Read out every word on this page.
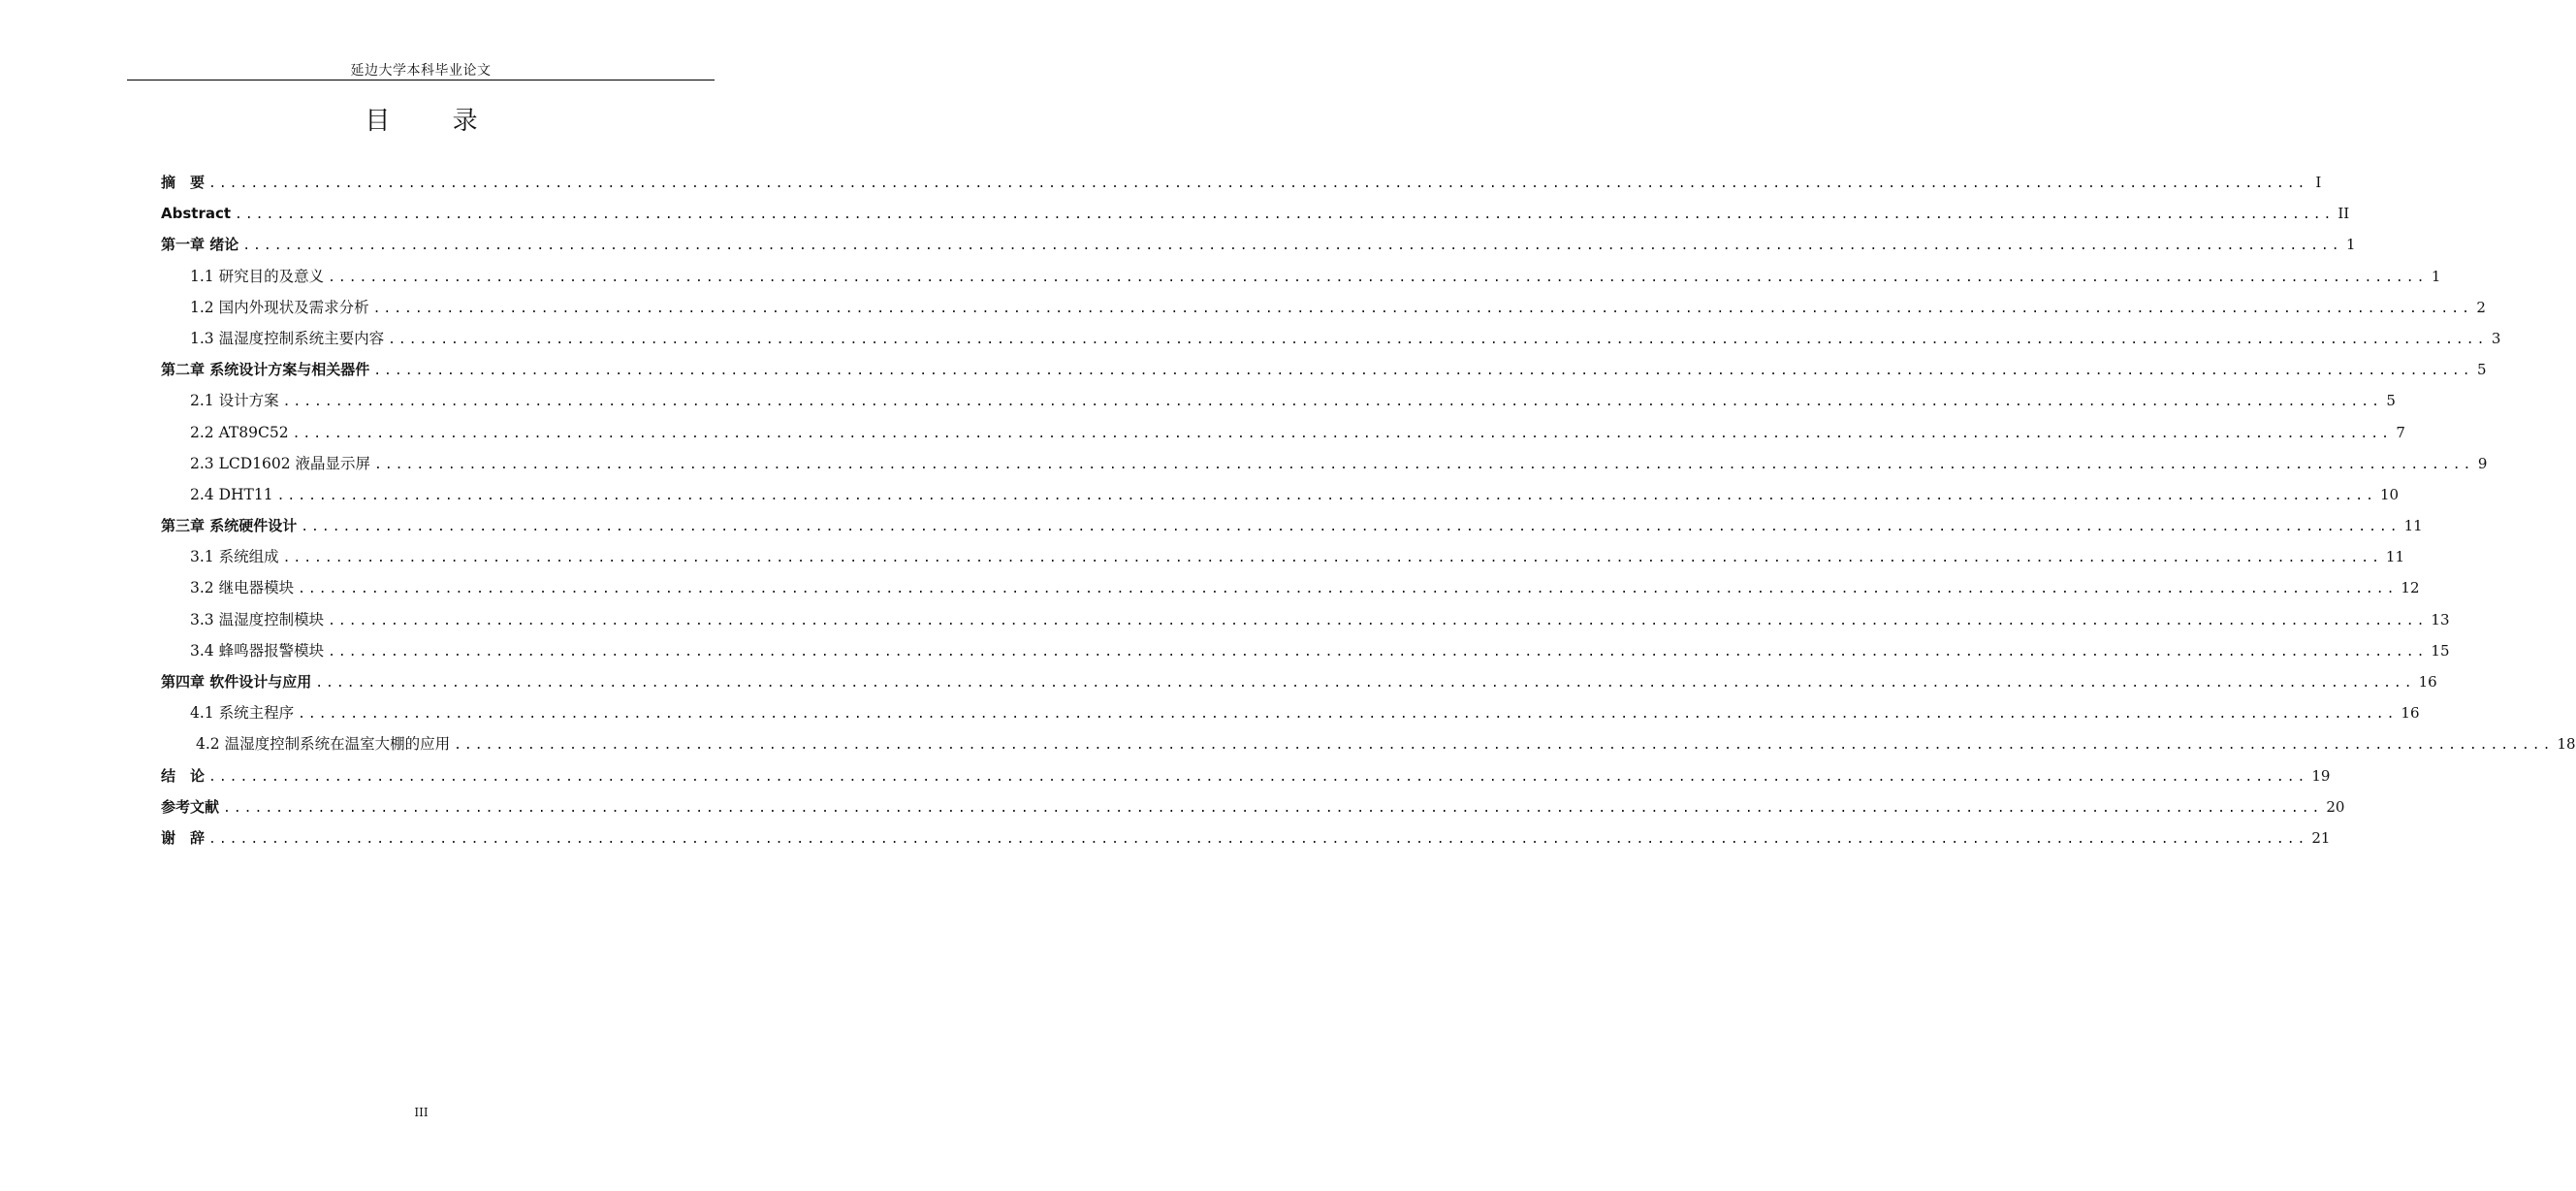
延边大学本科毕业论文
目 录
摘　要 ........................................................................................................................................................................................................ I
Abstract ........................................................................................................................................................................................................ II
第一章 绪论 ........................................................................................................................................................................................................ 1
1.1 研究目的及意义 ........................................................................................................................................................................................................ 1
1.2 国内外现状及需求分析 ........................................................................................................................................................................................................ 2
1.3 温湿度控制系统主要内容 ........................................................................................................................................................................................................ 3
第二章 系统设计方案与相关器件 ........................................................................................................................................................................................................ 5
2.1 设计方案 ........................................................................................................................................................................................................ 5
2.2 AT89C52 ........................................................................................................................................................................................................ 7
2.3 LCD1602 液晶显示屏 ........................................................................................................................................................................................................ 9
2.4 DHT11 ........................................................................................................................................................................................................ 10
第三章 系统硬件设计 ........................................................................................................................................................................................................ 11
3.1 系统组成 ........................................................................................................................................................................................................ 11
3.2 继电器模块 ........................................................................................................................................................................................................ 12
3.3 温湿度控制模块 ........................................................................................................................................................................................................ 13
3.4 蜂鸣器报警模块 ........................................................................................................................................................................................................ 15
第四章 软件设计与应用 ........................................................................................................................................................................................................ 16
4.1 系统主程序 ........................................................................................................................................................................................................ 16
4.2 温湿度控制系统在温室大棚的应用 ........................................................................................................................................................................................................ 18
结　论 ........................................................................................................................................................................................................ 19
参考文献 ........................................................................................................................................................................................................ 20
谢　辞 ........................................................................................................................................................................................................ 21
III
